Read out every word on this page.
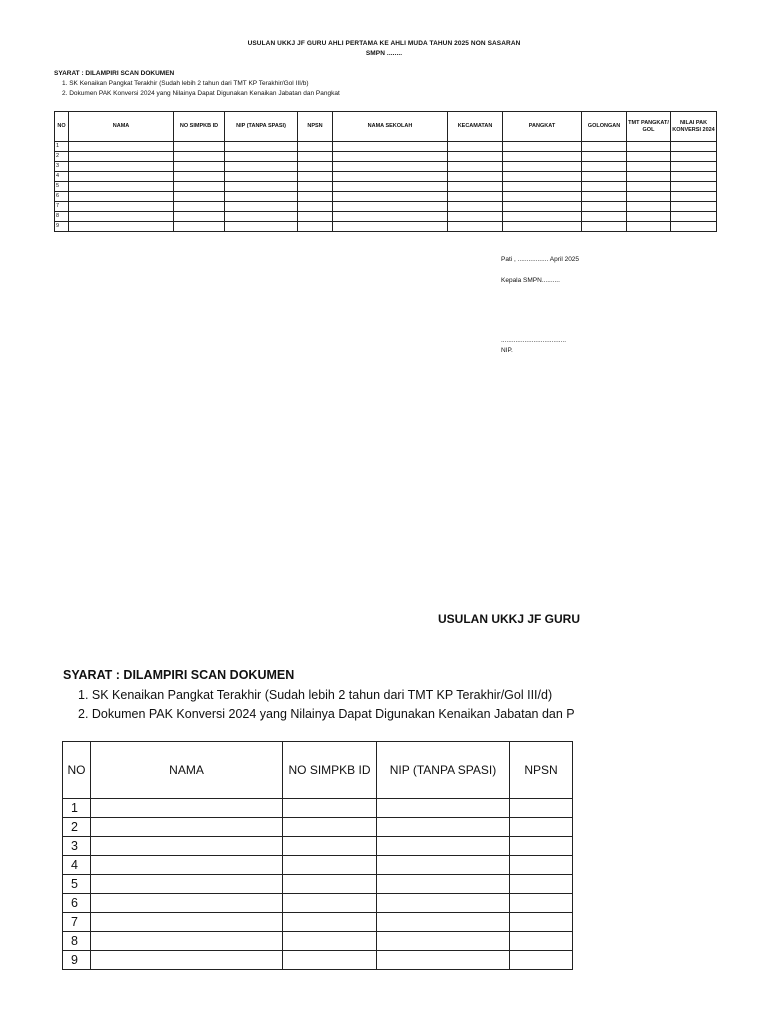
USULAN UKKJ JF GURU AHLI PERTAMA KE AHLI MUDA TAHUN 2025 NON SASARAN
SMPN ........
SYARAT : DILAMPIRI SCAN DOKUMEN
1. SK Kenaikan Pangkat Terakhir (Sudah lebih 2 tahun dari TMT KP Terakhir/Gol III/b)
2. Dokumen PAK Konversi 2024 yang Nilainya Dapat Digunakan Kenaikan Jabatan dan Pangkat
NO	NAMA	NO SIMPKB ID	NIP (TANPA SPASI)	NPSN	NAMA SEKOLAH	KECAMATAN	PANGKAT	GOLONGAN	TMT PANGKAT/ GOL	NILAI PAK KONVERSI 2024
1										
2										
3										
4										
5										
6										
7										
8										
9										
Pati , ................. April 2025
Kepala SMPN..........
....................................
NIP.
USULAN UKKJ JF GURU
SYARAT : DILAMPIRI SCAN DOKUMEN
1. SK Kenaikan Pangkat Terakhir (Sudah lebih 2 tahun dari TMT KP Terakhir/Gol III/d)
2. Dokumen PAK Konversi 2024 yang Nilainya Dapat Digunakan Kenaikan Jabatan dan P
NO	NAMA	NO SIMPKB ID	NIP (TANPA SPASI)	NPSN
1				
2				
3				
4				
5				
6				
7				
8				
9				
